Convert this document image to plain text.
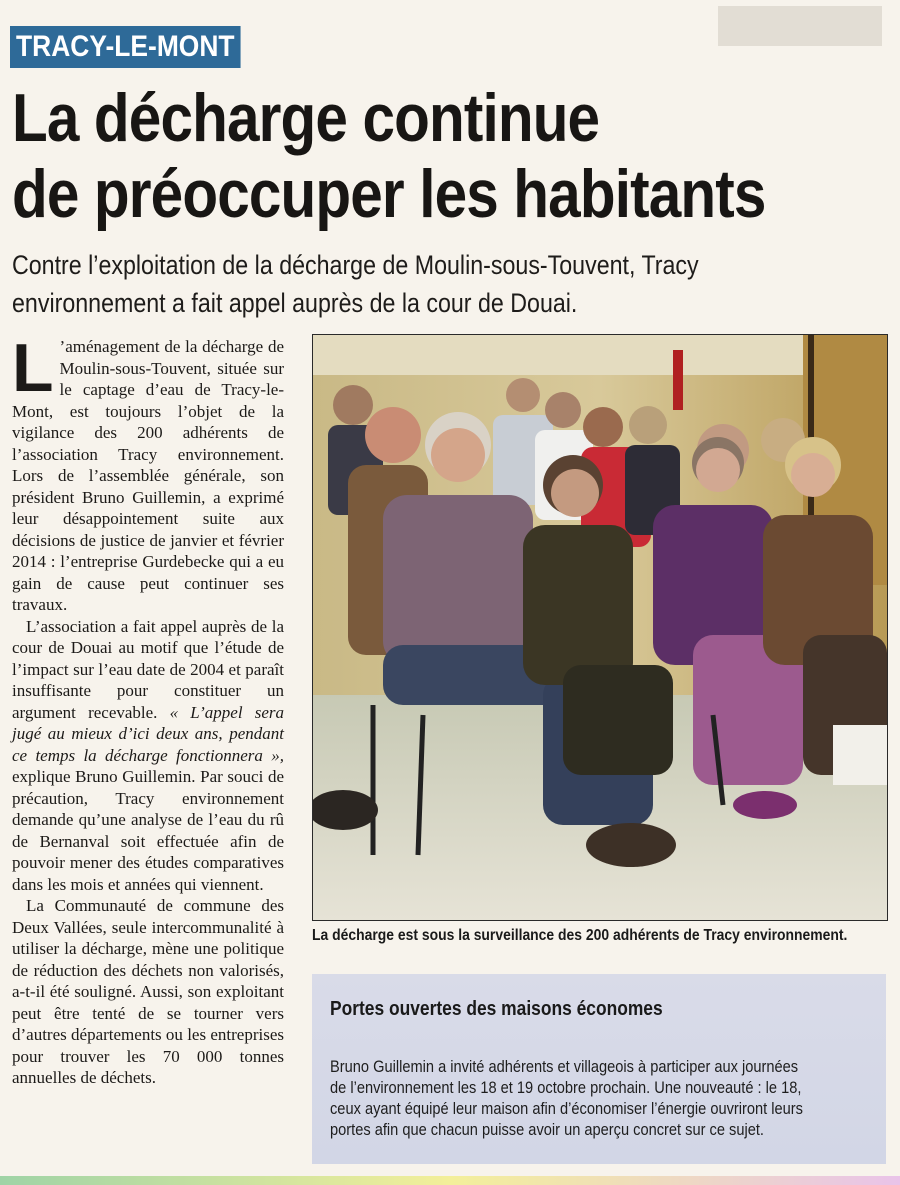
TRACY-LE-MONT
La décharge continue
de préoccuper les habitants
Contre l’exploitation de la décharge de Moulin-sous-Touvent, Tracy
environnement a fait appel auprès de la cour de Douai.

L ’aménagement de la décharge de Moulin-sous-Touvent, située sur le captage d’eau de Tracy-le-Mont, est toujours l’objet de la vigilance des 200 adhérents de l’association Tracy environnement. Lors de l’assemblée générale, son président Bruno Guillemin, a exprimé leur désappointement suite aux décisions de justice de janvier et février 2014 : l’entreprise Gurdebecke qui a eu gain de cause peut continuer ses travaux.

L’association a fait appel auprès de la cour de Douai au motif que l’étude de l’impact sur l’eau date de 2004 et paraît insuffisante pour constituer un argument recevable. « L’appel sera jugé au mieux d’ici deux ans, pendant ce temps la décharge fonctionnera », explique Bruno Guillemin. Par souci de précaution, Tracy environnement demande qu’une analyse de l’eau du rû de Bernanval soit effectuée afin de pouvoir mener des études comparatives dans les mois et années qui viennent.

La Communauté de commune des Deux Vallées, seule intercommunalité à utiliser la décharge, mène une politique de réduction des déchets non valorisés, a-t-il été souligné. Aussi, son exploitant peut être tenté de se tourner vers d’autres départements ou les entreprises pour trouver les 70 000 tonnes annuelles de déchets.

La décharge est sous la surveillance des 200 adhérents de Tracy environnement.
Portes ouvertes des maisons économes
Bruno Guillemin a invité adhérents et villageois à participer aux journées
de l’environnement les 18 et 19 octobre prochain. Une nouveauté : le 18,
ceux ayant équipé leur maison afin d’économiser l’énergie ouvriront leurs
portes afin que chacun puisse avoir un aperçu concret sur ce sujet.
